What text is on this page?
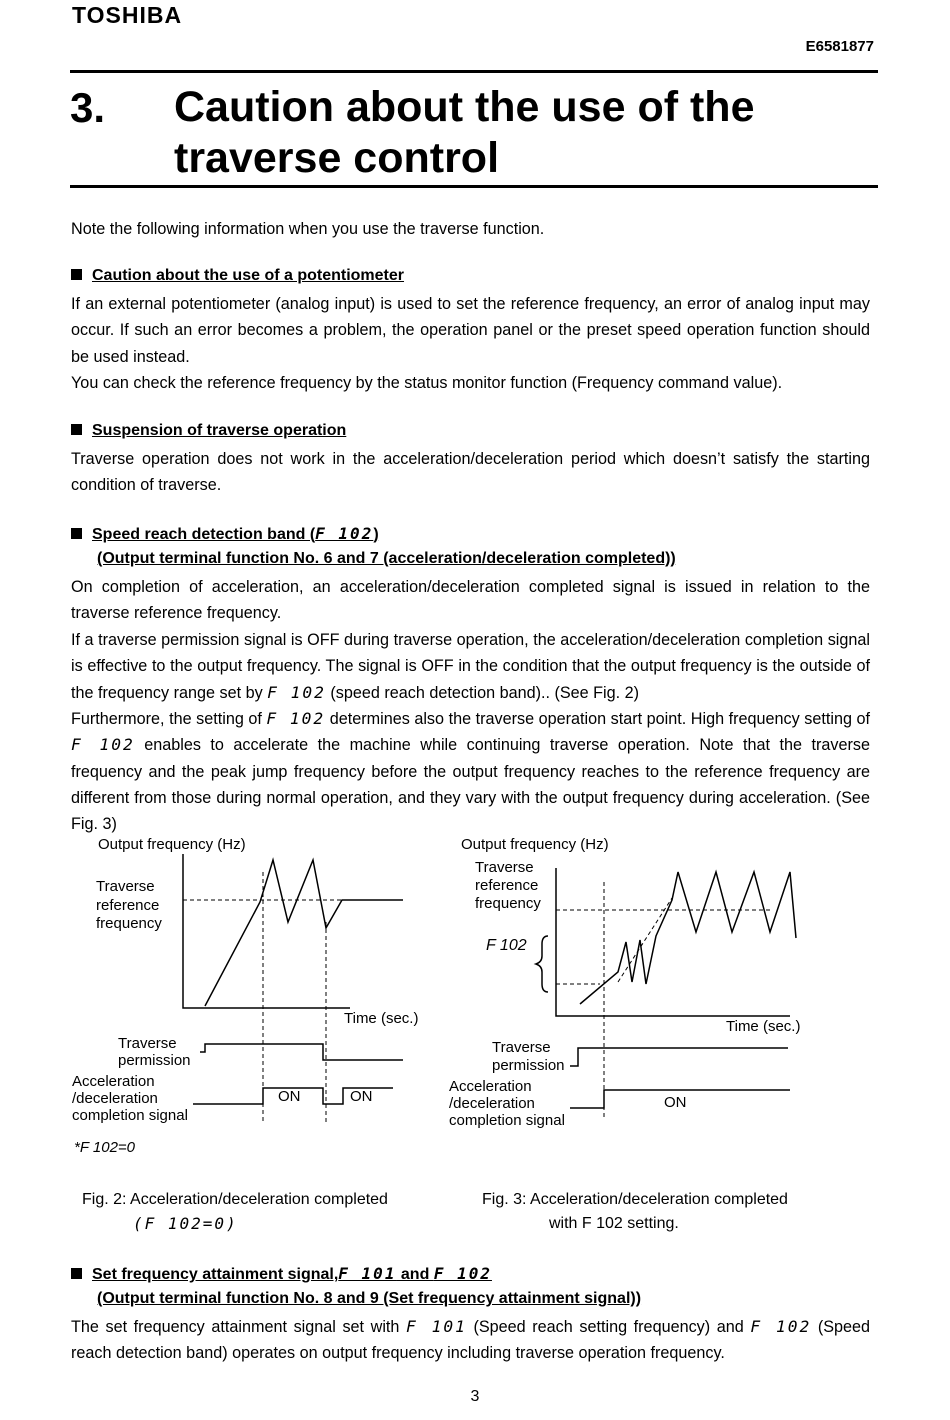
TOSHIBA
E6581877
3. Caution about the use of the traverse control
Note the following information when you use the traverse function.
Caution about the use of a potentiometer
If an external potentiometer (analog input) is used to set the reference frequency, an error of analog input may occur. If such an error becomes a problem, the operation panel or the preset speed operation function should be used instead.
You can check the reference frequency by the status monitor function (Frequency command value).
Suspension of traverse operation
Traverse operation does not work in the acceleration/deceleration period which doesn’t satisfy the starting condition of traverse.
Speed reach detection band (F 102)
(Output terminal function No. 6 and 7 (acceleration/deceleration completed))
On completion of acceleration, an acceleration/deceleration completed signal is issued in relation to the traverse reference frequency.
If a traverse permission signal is OFF during traverse operation, the acceleration/deceleration completion signal is effective to the output frequency. The signal is OFF in the condition that the output frequency is the outside of the frequency range set by F 102 (speed reach detection band).. (See Fig. 2)
Furthermore, the setting of F 102 determines also the traverse operation start point. High frequency setting of F 102 enables to accelerate the machine while continuing traverse operation. Note that the traverse frequency and the peak jump frequency before the output frequency reaches to the reference frequency are different from those during normal operation, and they vary with the output frequency during acceleration. (See Fig. 3)
Output frequency (Hz)
Traverse
reference
frequency
Time (sec.)
Traverse
permission
Acceleration
/deceleration
completion signal
ON	ON
*F 102=0
Output frequency (Hz)
Traverse
reference
frequency
F 102
Time (sec.)
Traverse
permission
Acceleration
/deceleration
completion signal
ON
Fig. 2: Acceleration/deceleration completed
(F 102=0)
Fig. 3: Acceleration/deceleration completed
with F 102 setting.
Set frequency attainment signal,F 101 and F 102
(Output terminal function No. 8 and 9 (Set frequency attainment signal))
The set frequency attainment signal set with F 101 (Speed reach setting frequency) and F 102 (Speed reach detection band) operates on output frequency including traverse operation frequency.
3
